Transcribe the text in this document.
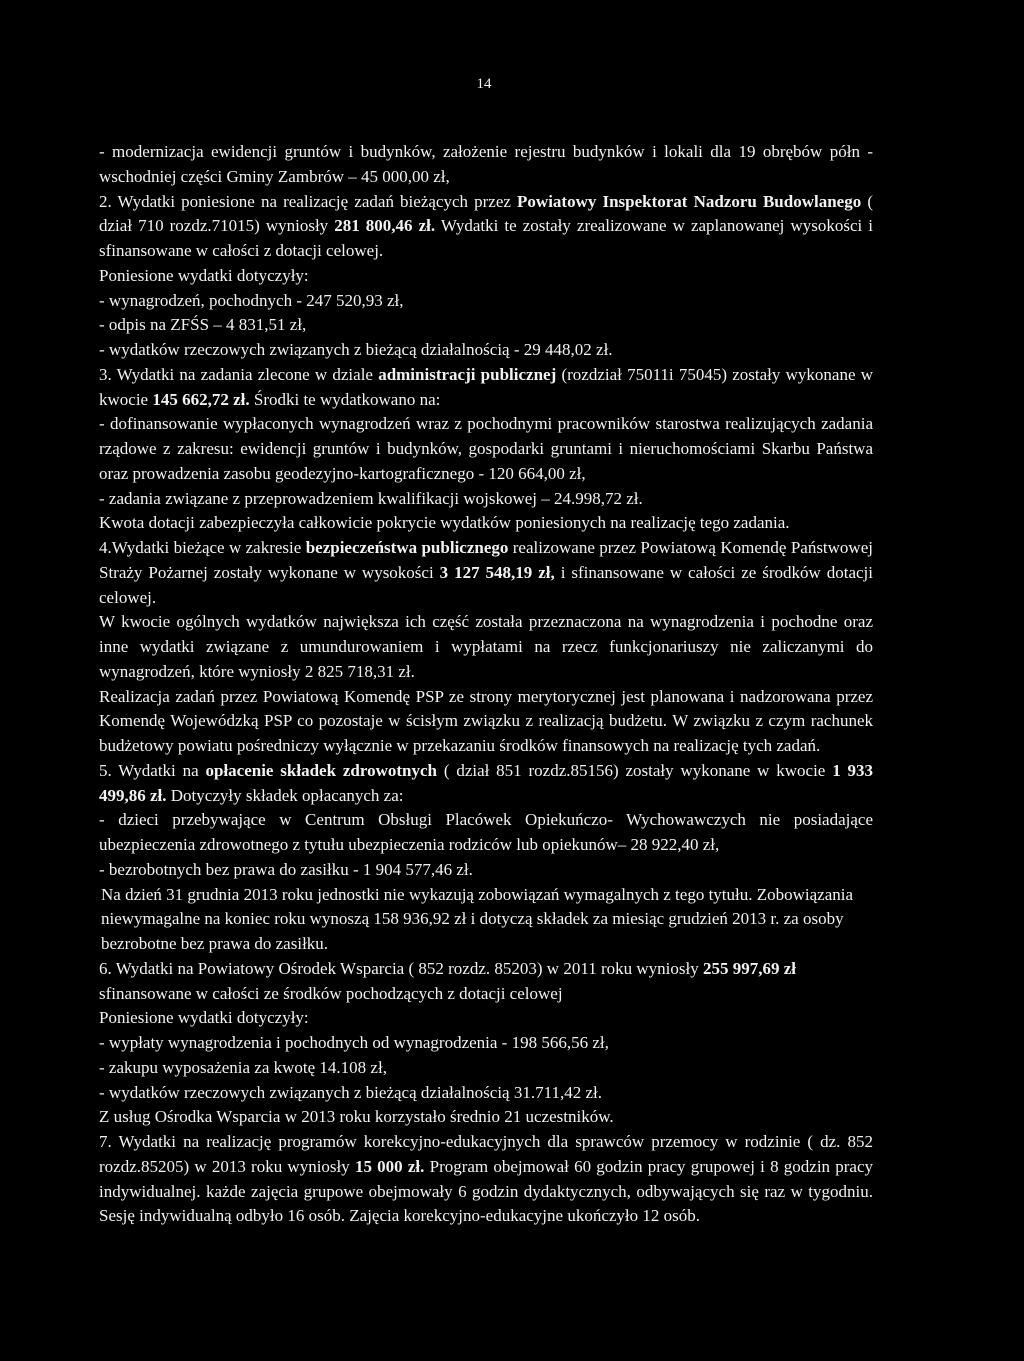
14

- modernizacja ewidencji gruntów i budynków, założenie rejestru budynków i lokali dla 19 obrębów półn -wschodniej części Gminy Zambrów – 45 000,00 zł,

2. Wydatki poniesione na realizację zadań bieżących przez Powiatowy Inspektorat Nadzoru Budowlanego ( dział 710 rozdz.71015) wyniosły 281 800,46 zł. Wydatki te zostały zrealizowane w zaplanowanej wysokości i sfinansowane w całości z dotacji celowej.

Poniesione wydatki dotyczyły:

- wynagrodzeń, pochodnych - 247 520,93 zł,

- odpis na ZFŚS – 4 831,51 zł,

- wydatków rzeczowych związanych z bieżącą działalnością - 29 448,02 zł.

3. Wydatki na zadania zlecone w dziale administracji publicznej (rozdział 75011i 75045) zostały wykonane w kwocie 145 662,72 zł. Środki te wydatkowano na:

- dofinansowanie wypłaconych wynagrodzeń wraz z pochodnymi pracowników starostwa realizujących zadania rządowe z zakresu: ewidencji gruntów i budynków, gospodarki gruntami i nieruchomościami Skarbu Państwa oraz prowadzenia zasobu geodezyjno-kartograficznego - 120 664,00 zł,

- zadania związane z przeprowadzeniem kwalifikacji wojskowej – 24.998,72 zł.

Kwota dotacji zabezpieczyła całkowicie pokrycie wydatków poniesionych na realizację tego zadania.

4.Wydatki bieżące w zakresie bezpieczeństwa publicznego realizowane przez Powiatową Komendę Państwowej Straży Pożarnej zostały wykonane w wysokości 3 127 548,19 zł, i sfinansowane w całości ze środków dotacji celowej.

W kwocie ogólnych wydatków największa ich część została przeznaczona na wynagrodzenia i pochodne oraz inne wydatki związane z umundurowaniem i wypłatami na rzecz funkcjonariuszy nie zaliczanymi do wynagrodzeń, które wyniosły 2 825 718,31 zł.

Realizacja zadań przez Powiatową Komendę PSP ze strony merytorycznej jest planowana i nadzorowana przez Komendę Wojewódzką PSP co pozostaje w ścisłym związku z realizacją budżetu. W związku z czym rachunek budżetowy powiatu pośredniczy wyłącznie w przekazaniu środków finansowych na realizację tych zadań.

5. Wydatki na opłacenie składek zdrowotnych ( dział 851 rozdz.85156) zostały wykonane w kwocie 1 933 499,86 zł. Dotyczyły składek opłacanych za:

- dzieci przebywające w Centrum Obsługi Placówek Opiekuńczo- Wychowawczych nie posiadające ubezpieczenia zdrowotnego z tytułu ubezpieczenia rodziców lub opiekunów– 28 922,40 zł,

- bezrobotnych bez prawa do zasiłku - 1 904 577,46 zł.

Na dzień 31 grudnia 2013 roku jednostki nie wykazują zobowiązań wymagalnych z tego tytułu. Zobowiązania niewymagalne na koniec roku wynoszą 158 936,92 zł i dotyczą składek za miesiąc grudzień 2013 r. za osoby bezrobotne bez prawa do zasiłku.

6. Wydatki na Powiatowy Ośrodek Wsparcia ( 852 rozdz. 85203) w 2011 roku wyniosły 255 997,69 zł sfinansowane w całości ze środków pochodzących z dotacji celowej

Poniesione wydatki dotyczyły:

- wypłaty wynagrodzenia i pochodnych od wynagrodzenia - 198 566,56 zł,

- zakupu wyposażenia za kwotę 14.108 zł,

- wydatków rzeczowych związanych z bieżącą działalnością 31.711,42 zł.

Z usług Ośrodka Wsparcia w 2013 roku korzystało średnio 21 uczestników.

7. Wydatki na realizację programów korekcyjno-edukacyjnych dla sprawców przemocy w rodzinie ( dz. 852 rozdz.85205) w 2013 roku wyniosły 15 000 zł. Program obejmował 60 godzin pracy grupowej i 8 godzin pracy indywidualnej. każde zajęcia grupowe obejmowały 6 godzin dydaktycznych, odbywających się raz w tygodniu. Sesję indywidualną odbyło 16 osób. Zajęcia korekcyjno-edukacyjne ukończyło 12 osób.
